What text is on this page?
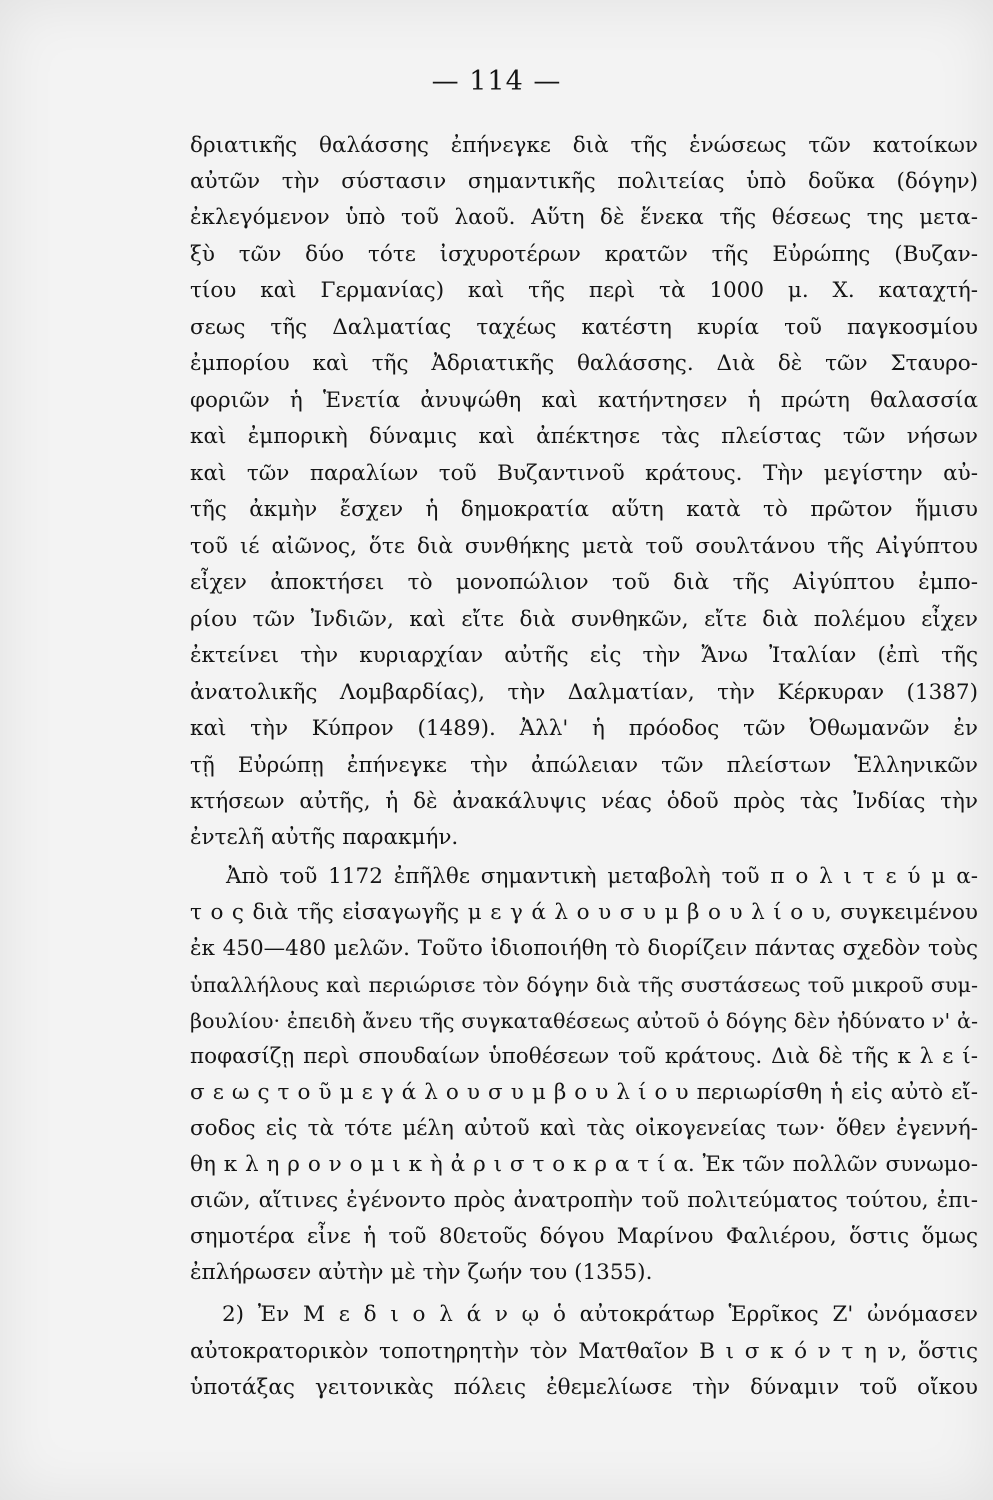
— 114 —
δριατικῆς θαλάσσης ἐπήνεγκε διὰ τῆς ἑνώσεως τῶν κατοίκων
αὐτῶν τὴν σύστασιν σημαντικῆς πολιτείας ὑπὸ δοῦκα (δόγην)
ἐκλεγόμενον ὑπὸ τοῦ λαοῦ. Αὕτη δὲ ἕνεκα τῆς θέσεως της μετα-
ξὺ τῶν δύο τότε ἰσχυροτέρων κρατῶν τῆς Εὐρώπης (Βυζαν-
τίου καὶ Γερμανίας) καὶ τῆς περὶ τὰ 1000 μ. Χ. καταχτή-
σεως τῆς Δαλματίας ταχέως κατέστη κυρία τοῦ παγκοσμίου
ἐμπορίου καὶ τῆς Ἀδριατικῆς θαλάσσης. Διὰ δὲ τῶν Σταυρο-
φοριῶν ἡ Ἑνετία ἀνυψώθη καὶ κατήντησεν ἡ πρώτη θαλασσία
καὶ ἐμπορικὴ δύναμις καὶ ἀπέκτησε τὰς πλείστας τῶν νήσων
καὶ τῶν παραλίων τοῦ Βυζαντινοῦ κράτους. Τὴν μεγίστην αὐ-
τῆς ἀκμὴν ἔσχεν ἡ δημοκρατία αὕτη κατὰ τὸ πρῶτον ἥμισυ
τοῦ ιέ αἰῶνος, ὅτε διὰ συνθήκης μετὰ τοῦ σουλτάνου τῆς Αἰγύπτου
εἶχεν ἀποκτήσει τὸ μονοπώλιον τοῦ διὰ τῆς Αἰγύπτου ἐμπο-
ρίου τῶν Ἰνδιῶν, καὶ εἴτε διὰ συνθηκῶν, εἴτε διὰ πολέμου εἶχεν
ἐκτείνει τὴν κυριαρχίαν αὐτῆς εἰς τὴν Ἄνω Ἰταλίαν (ἐπὶ τῆς
ἀνατολικῆς Λομβαρδίας), τὴν Δαλματίαν, τὴν Κέρκυραν (1387)
καὶ τὴν Κύπρον (1489). Ἀλλ' ἡ πρόοδος τῶν Ὀθωμανῶν ἐν
τῇ Εὐρώπῃ ἐπήνεγκε τὴν ἀπώλειαν τῶν πλείστων Ἑλληνικῶν
κτήσεων αὐτῆς, ἡ δὲ ἀνακάλυψις νέας ὁδοῦ πρὸς τὰς Ἰνδίας τὴν
ἐντελῆ αὐτῆς παρακμήν.
Ἀπὸ τοῦ 1172 ἐπῆλθε σημαντικὴ μεταβολὴ τοῦ π ο λ ι τ ε ύ μ α-
τ ο ς διὰ τῆς εἰσαγωγῆς μ ε γ ά λ ο υ σ υ μ β ο υ λ ί ο υ, συγκειμένου
ἐκ 450—480 μελῶν. Τοῦτο ἰδιοποιήθη τὸ διορίζειν πάντας σχεδὸν τοὺς
ὑπαλλήλους καὶ περιώρισε τὸν δόγην διὰ τῆς συστάσεως τοῦ μικροῦ συμ-
βουλίου· ἐπειδὴ ἄνευ τῆς συγκαταθέσεως αὐτοῦ ὁ δόγης δὲν ἠδύνατο ν' ἀ-
ποφασίζῃ περὶ σπουδαίων ὑποθέσεων τοῦ κράτους. Διὰ δὲ τῆς κ λ ε ί-
σ ε ω ς τ ο ῦ μ ε γ ά λ ο υ σ υ μ β ο υ λ ί ο υ περιωρίσθη ἡ εἰς αὐτὸ εἴ-
σοδος εἰς τὰ τότε μέλη αὐτοῦ καὶ τὰς οἰκογενείας των· ὅθεν ἐγεννή-
θη κ λ η ρ ο ν ο μ ι κ ὴ ἀ ρ ι σ τ ο κ ρ α τ ί α. Ἐκ τῶν πολλῶν συνωμο-
σιῶν, αἵτινες ἐγένοντο πρὸς ἀνατροπὴν τοῦ πολιτεύματος τούτου, ἐπι-
σημοτέρα εἶνε ἡ τοῦ 80ετοῦς δόγου Μαρίνου Φαλιέρου, ὅστις ὅμως
ἐπλήρωσεν αὐτὴν μὲ τὴν ζωήν του (1355).
2) Ἐν Μ ε δ ι ο λ ά ν ῳ ὁ αὐτοκράτωρ Ἑρρῖκος Ζ' ὠνόμασεν
αὐτοκρατορικὸν τοποτηρητὴν τὸν Ματθαῖον Β ι σ κ ό ν τ η ν, ὅστις
ὑποτάξας γειτονικὰς πόλεις ἐθεμελίωσε τὴν δύναμιν τοῦ οἴκου
